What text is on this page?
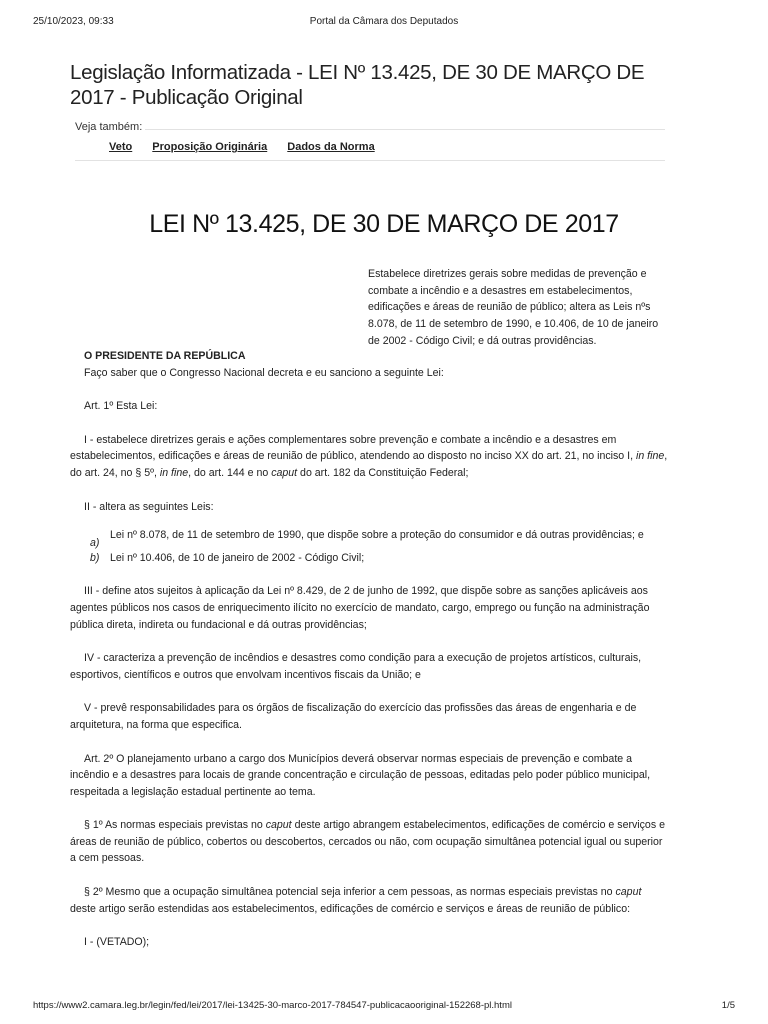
25/10/2023, 09:33	Portal da Câmara dos Deputados
Legislação Informatizada - LEI Nº 13.425, DE 30 DE MARÇO DE 2017 - Publicação Original
Veja também:
Veto Proposição Originária Dados da Norma
LEI Nº 13.425, DE 30 DE MARÇO DE 2017
Estabelece diretrizes gerais sobre medidas de prevenção e combate a incêndio e a desastres em estabelecimentos, edificações e áreas de reunião de público; altera as Leis nºs 8.078, de 11 de setembro de 1990, e 10.406, de 10 de janeiro de 2002 - Código Civil; e dá outras providências.

O PRESIDENTE DA REPÚBLICA

Faço saber que o Congresso Nacional decreta e eu sanciono a seguinte Lei:

Art. 1º Esta Lei:

I - estabelece diretrizes gerais e ações complementares sobre prevenção e combate a incêndio e a desastres em estabelecimentos, edificações e áreas de reunião de público, atendendo ao disposto no inciso XX do art. 21, no inciso I, in fine, do art. 24, no § 5º, in fine, do art. 144 e no caput do art. 182 da Constituição Federal;

II - altera as seguintes Leis:

a)
Lei nº 8.078, de 11 de setembro de 1990, que dispõe sobre a proteção do consumidor e dá outras providências; e
b) Lei nº 10.406, de 10 de janeiro de 2002 - Código Civil;

III - define atos sujeitos à aplicação da Lei nº 8.429, de 2 de junho de 1992, que dispõe sobre as sanções aplicáveis aos agentes públicos nos casos de enriquecimento ilícito no exercício de mandato, cargo, emprego ou função na administração pública direta, indireta ou fundacional e dá outras providências;

IV - caracteriza a prevenção de incêndios e desastres como condição para a execução de projetos artísticos, culturais, esportivos, científicos e outros que envolvam incentivos fiscais da União; e

V - prevê responsabilidades para os órgãos de fiscalização do exercício das profissões das áreas de engenharia e de arquitetura, na forma que especifica.

Art. 2º O planejamento urbano a cargo dos Municípios deverá observar normas especiais de prevenção e combate a incêndio e a desastres para locais de grande concentração e circulação de pessoas, editadas pelo poder público municipal, respeitada a legislação estadual pertinente ao tema.

§ 1º As normas especiais previstas no caput deste artigo abrangem estabelecimentos, edificações de comércio e serviços e áreas de reunião de público, cobertos ou descobertos, cercados ou não, com ocupação simultânea potencial igual ou superior a cem pessoas.

§ 2º Mesmo que a ocupação simultânea potencial seja inferior a cem pessoas, as normas especiais previstas no caput deste artigo serão estendidas aos estabelecimentos, edificações de comércio e serviços e áreas de reunião de público:

I - (VETADO);

https://www2.camara.leg.br/legin/fed/lei/2017/lei-13425-30-marco-2017-784547-publicacaooriginal-152268-pl.html	1/5
